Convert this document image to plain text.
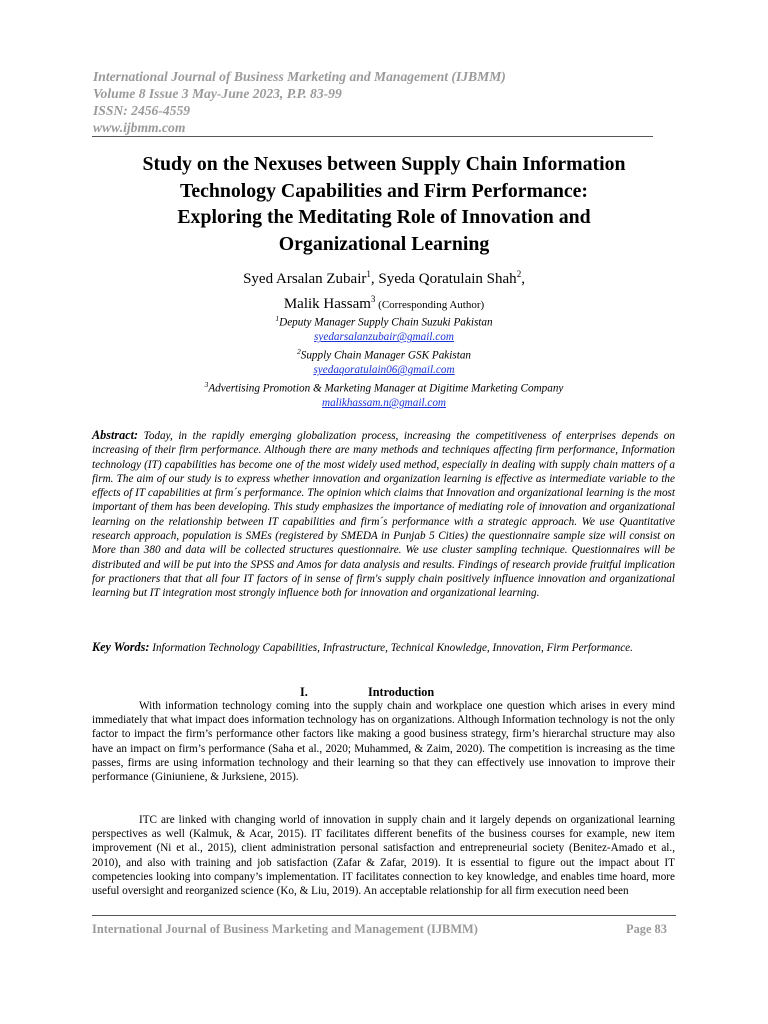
International Journal of Business Marketing and Management (IJBMM)
Volume 8 Issue 3 May-June 2023, P.P. 83-99
ISSN: 2456-4559
www.ijbmm.com
Study on the Nexuses between Supply Chain Information
Technology Capabilities and Firm Performance:
Exploring the Meditating Role of Innovation and
Organizational Learning
Syed Arsalan Zubair$^1$, Syeda Qoratulain Shah$^2$,
Malik Hassam$^3$ (Corresponding Author)
$^1$Deputy Manager Supply Chain Suzuki Pakistan
syedarsalanzubair@gmail.com
$^2$Supply Chain Manager GSK Pakistan
syedaqoratulain06@gmail.com
$^3$Advertising Promotion & Marketing Manager at Digitime Marketing Company
malikhassam.n@gmail.com
Abstract: Today, in the rapidly emerging globalization process, increasing the competitiveness of enterprises depends on increasing of their firm performance. Although there are many methods and techniques affecting firm performance, Information technology (IT) capabilities has become one of the most widely used method, especially in dealing with supply chain matters of a firm. The aim of our study is to express whether innovation and organization learning is effective as intermediate variable to the effects of IT capabilities at firm´s performance. The opinion which claims that Innovation and organizational learning is the most important of them has been developing. This study emphasizes the importance of mediating role of innovation and organizational learning on the relationship between IT capabilities and firm´s performance with a strategic approach. We use Quantitative research approach, population is SMEs (registered by SMEDA in Punjab 5 Cities) the questionnaire sample size will consist on More than 380 and data will be collected structures questionnaire. We use cluster sampling technique. Questionnaires will be distributed and will be put into the SPSS and Amos for data analysis and results. Findings of research provide fruitful implication for practioners that that all four IT factors of in sense of firm's supply chain positively influence innovation and organizational learning but IT integration most strongly influence both for innovation and organizational learning.
Key Words: Information Technology Capabilities, Infrastructure, Technical Knowledge, Innovation, Firm Performance.
I.	Introduction
With information technology coming into the supply chain and workplace one question which arises in every mind immediately that what impact does information technology has on organizations. Although Information technology is not the only factor to impact the firm’s performance other factors like making a good business strategy, firm’s hierarchal structure may also have an impact on firm’s performance (Saha et al., 2020; Muhammed, & Zaim, 2020). The competition is increasing as the time passes, firms are using information technology and their learning so that they can effectively use innovation to improve their performance (Giniuniene, & Jurksiene, 2015).
ITC are linked with changing world of innovation in supply chain and it largely depends on organizational learning perspectives as well (Kalmuk, & Acar, 2015). IT facilitates different benefits of the business courses for example, new item improvement (Ni et al., 2015), client administration personal satisfaction and entrepreneurial society (Benitez-Amado et al., 2010), and also with training and job satisfaction (Zafar & Zafar, 2019). It is essential to figure out the impact about IT competencies looking into company’s implementation. IT facilitates connection to key knowledge, and enables time hoard, more useful oversight and reorganized science (Ko, & Liu, 2019). An acceptable relationship for all firm execution need been
International Journal of Business Marketing and Management (IJBMM)	Page 83
